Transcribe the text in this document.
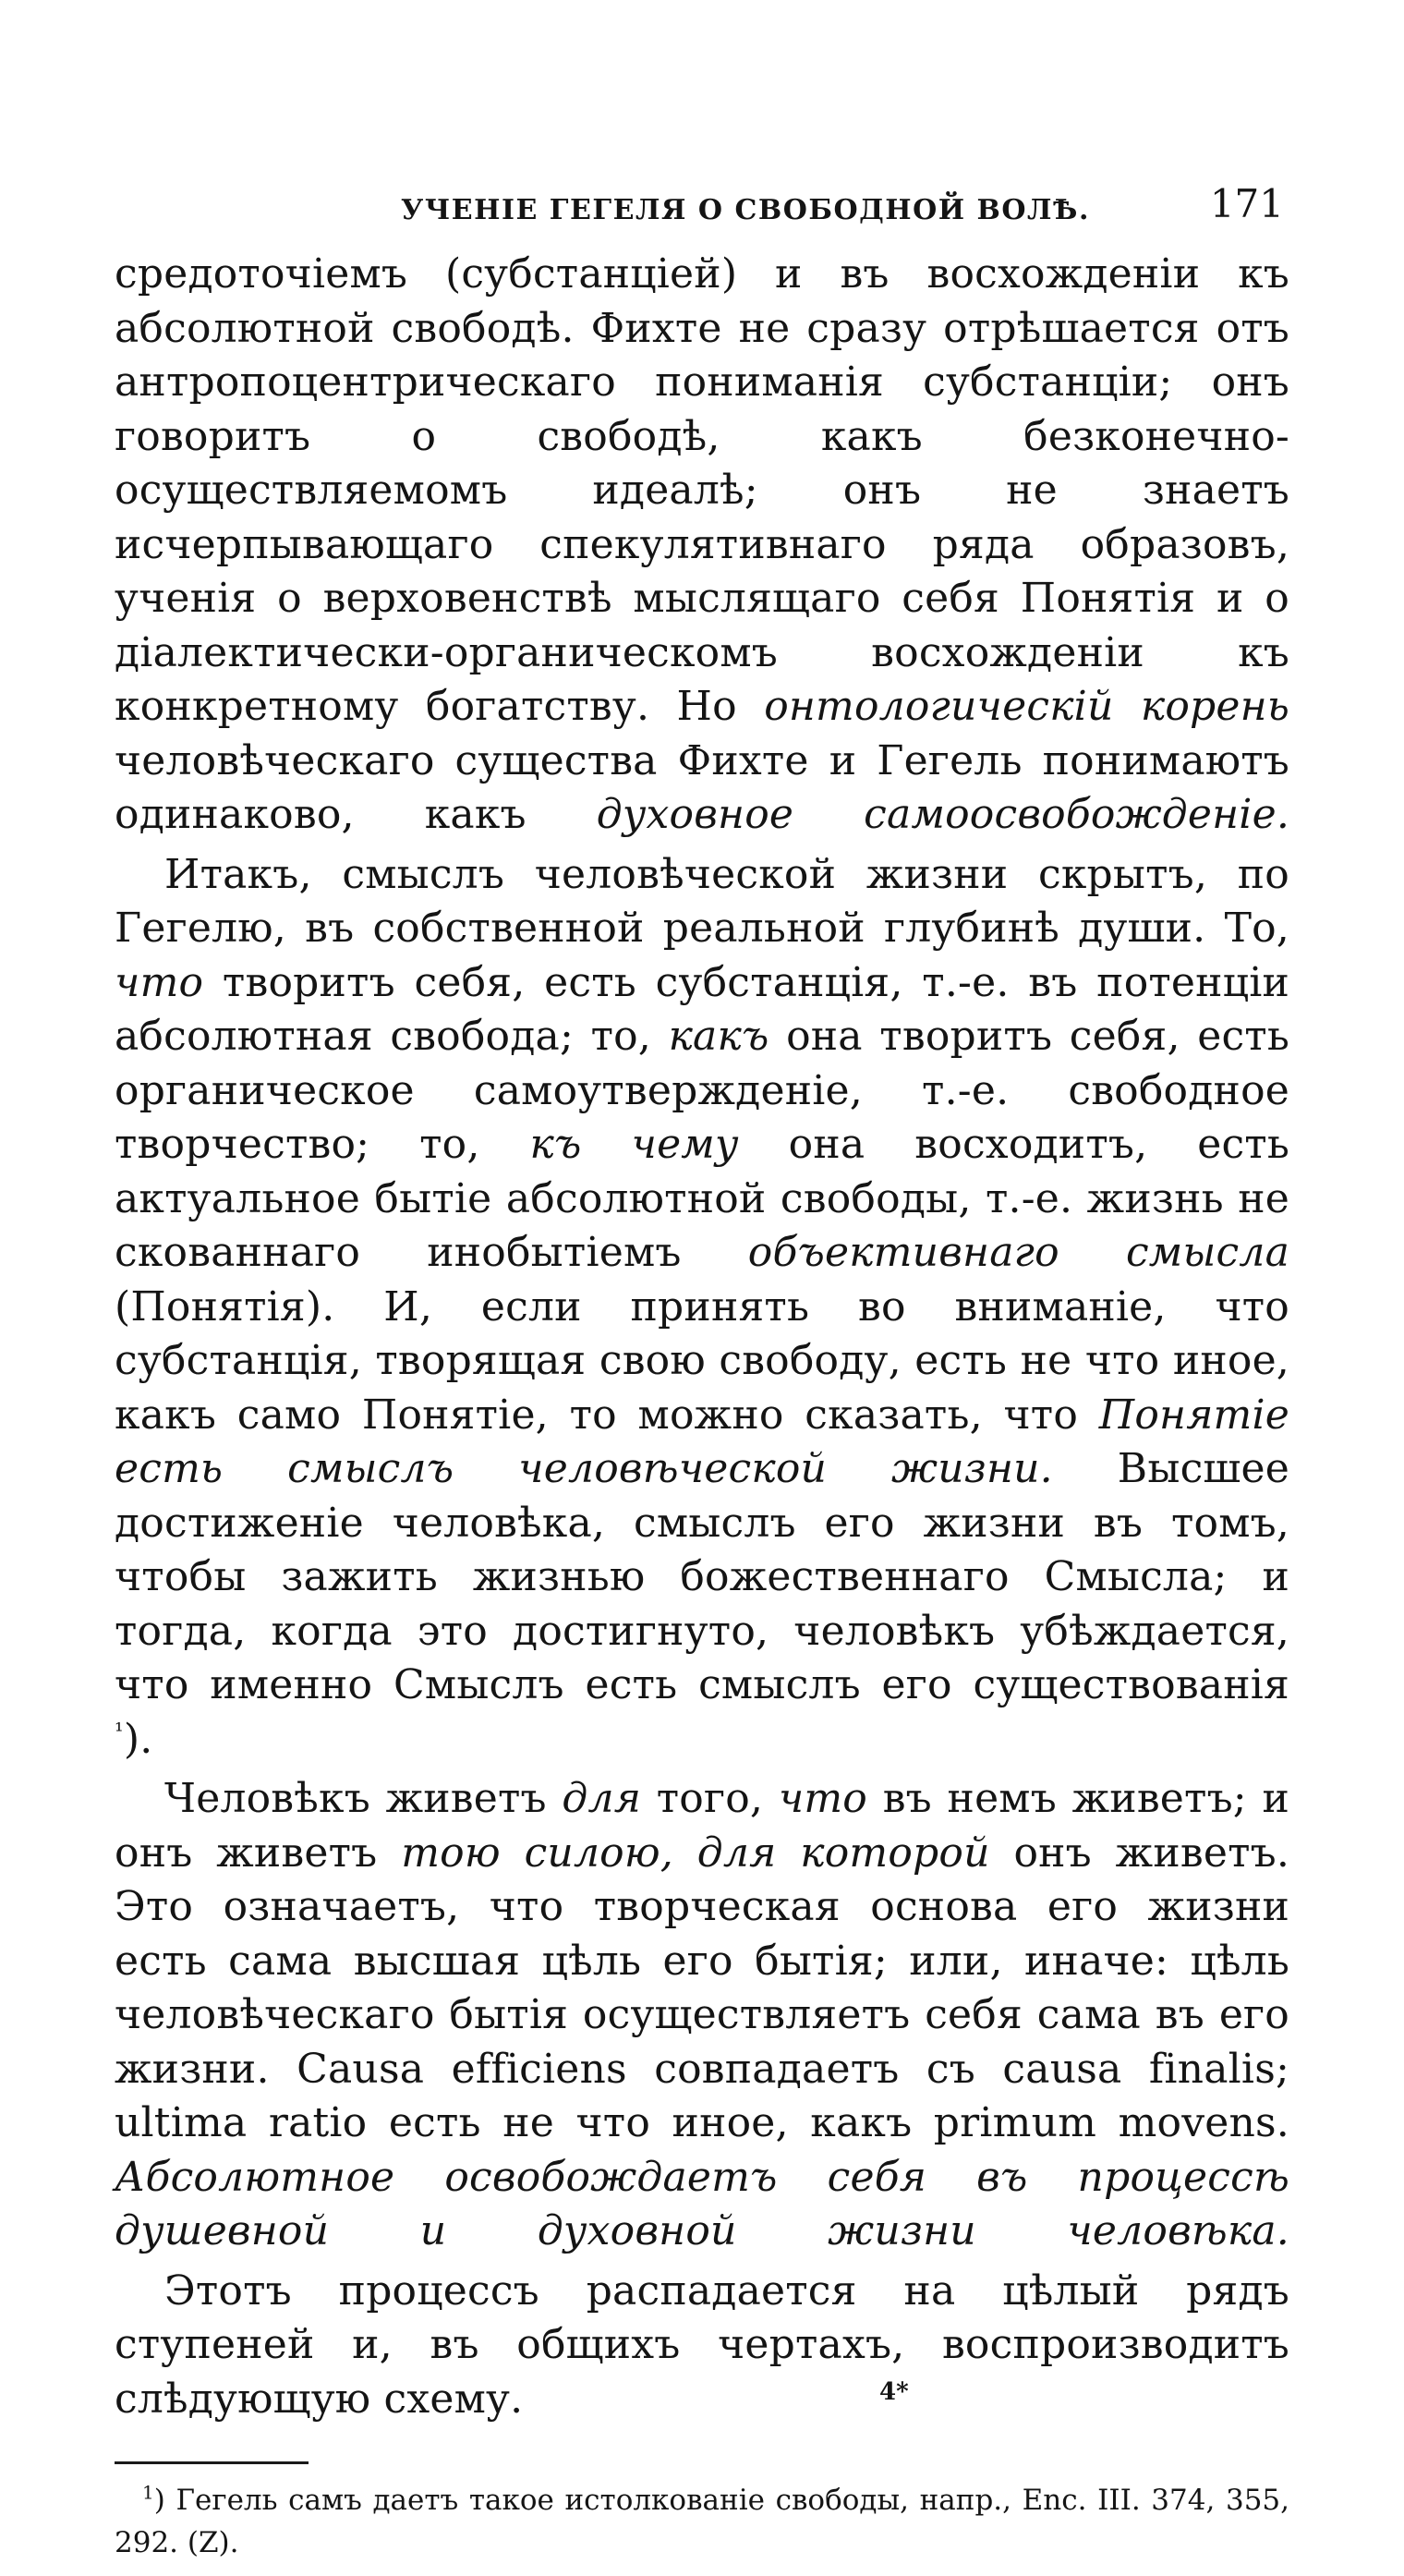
УЧЕНІЕ ГЕГЕЛЯ О СВОБОДНОЙ ВОЛѢ.	171

средоточіемъ (субстанціей) и въ восхожденіи къ абсолютной свободѣ. Фихте не сразу отрѣшается отъ антропоцентрическаго пониманія субстанціи; онъ говоритъ о свободѣ, какъ безконечно-осуществляемомъ идеалѣ; онъ не знаетъ исчерпывающаго спекулятивнаго ряда образовъ, ученія о верховенствѣ мыслящаго себя Понятія и о діалектически-органическомъ восхожденіи къ конкретному богатству. Но онтологическій корень человѣческаго существа Фихте и Гегель понимаютъ одинаково, какъ духовное самоосвобожденіе.

Итакъ, смыслъ человѣческой жизни скрытъ, по Гегелю, въ собственной реальной глубинѣ души. То, что творитъ себя, есть субстанція, т.-е. въ потенціи абсолютная свобода; то, какъ она творитъ себя, есть органическое самоутвержденіе, т.-е. свободное творчество; то, къ чему она восходитъ, есть актуальное бытіе абсолютной свободы, т.-е. жизнь не скованнаго инобытіемъ объективнаго смысла (Понятія). И, если принять во вниманіе, что субстанція, творящая свою свободу, есть не что иное, какъ само Понятіе, то можно сказать, что Понятіе есть смыслъ человѣческой жизни. Высшее достиженіе человѣка, смыслъ его жизни въ томъ, чтобы зажить жизнью божественнаго Смысла; и тогда, когда это достигнуто, человѣкъ убѣждается, что именно Смыслъ есть смыслъ его существованія $^{^1}$).

Человѣкъ живетъ для того, что въ немъ живетъ; и онъ живетъ тою силою, для которой онъ живетъ. Это означаетъ, что творческая основа его жизни есть сама высшая цѣль его бытія; или, иначе: цѣль человѣческаго бытія осуществляетъ себя сама въ его жизни. Causa efficiens совпадаетъ съ causa finalis; ultima ratio есть не что иное, какъ primum movens. Абсолютное освобождаетъ себя въ процессѣ душевной и духовной жизни человѣка.

Этотъ процессъ распадается на цѣлый рядъ ступеней и, въ общихъ чертахъ, воспроизводитъ слѣдующую схему.

$^1$) Гегель самъ даетъ такое истолкованіе свободы, напр., Enc. III. 374, 355, 292. (Z).

4*
